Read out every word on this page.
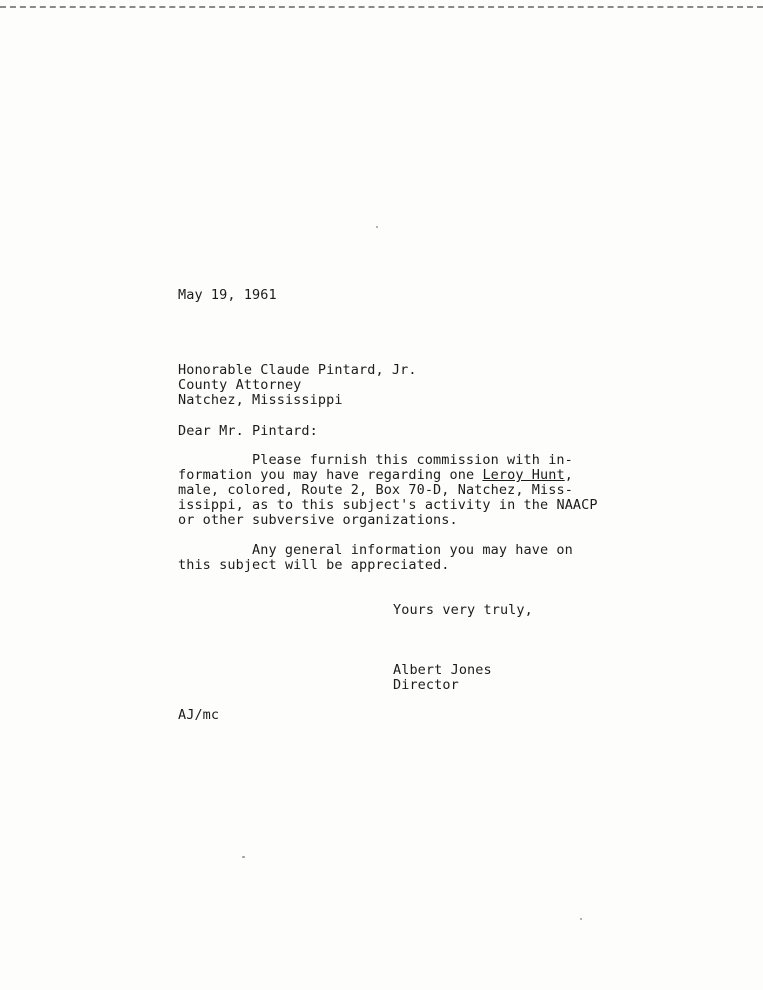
May 19, 1961
Honorable Claude Pintard, Jr.
County Attorney
Natchez, Mississippi
Dear Mr. Pintard:
Please furnish this commission with in-
formation you may have regarding one Leroy Hunt,
male, colored, Route 2, Box 70-D, Natchez, Miss-
issippi, as to this subject's activity in the NAACP
or other subversive organizations.
Any general information you may have on
this subject will be appreciated.
Yours very truly,
Albert Jones
Director
AJ/mc
